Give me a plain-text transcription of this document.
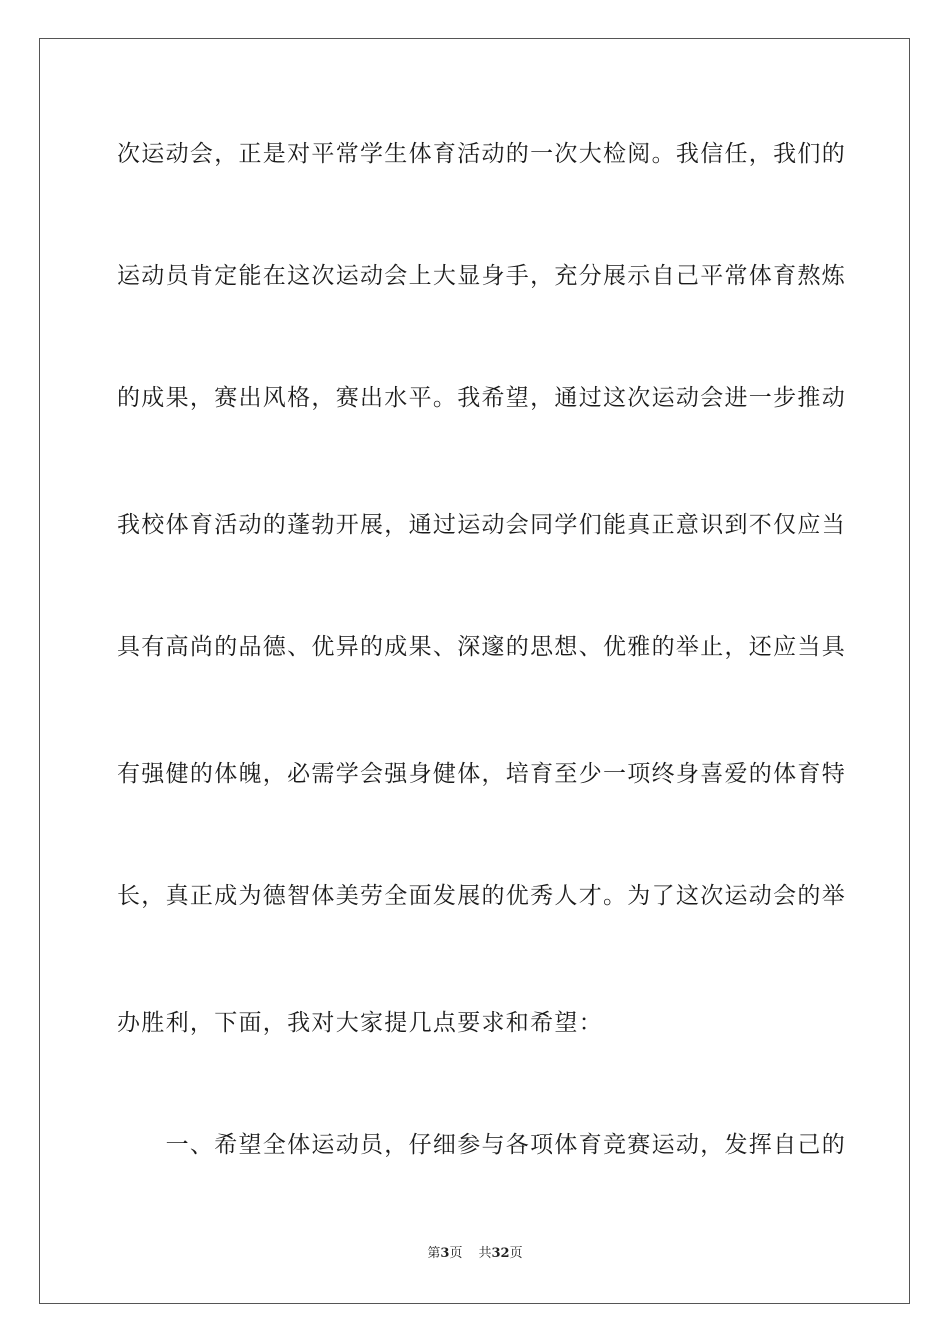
次运动会，正是对平常学生体育活动的一次大检阅。我信任，我们的
运动员肯定能在这次运动会上大显身手，充分展示自己平常体育熬炼
的成果，赛出风格，赛出水平。我希望，通过这次运动会进一步推动
我校体育活动的蓬勃开展，通过运动会同学们能真正意识到不仅应当
具有高尚的品德、优异的成果、深邃的思想、优雅的举止，还应当具
有强健的体魄，必需学会强身健体，培育至少一项终身喜爱的体育特
长，真正成为德智体美劳全面发展的优秀人才。为了这次运动会的举
办胜利，下面，我对大家提几点要求和希望：
　　一、希望全体运动员，仔细参与各项体育竞赛运动，发挥自己的
第3页 共32页
